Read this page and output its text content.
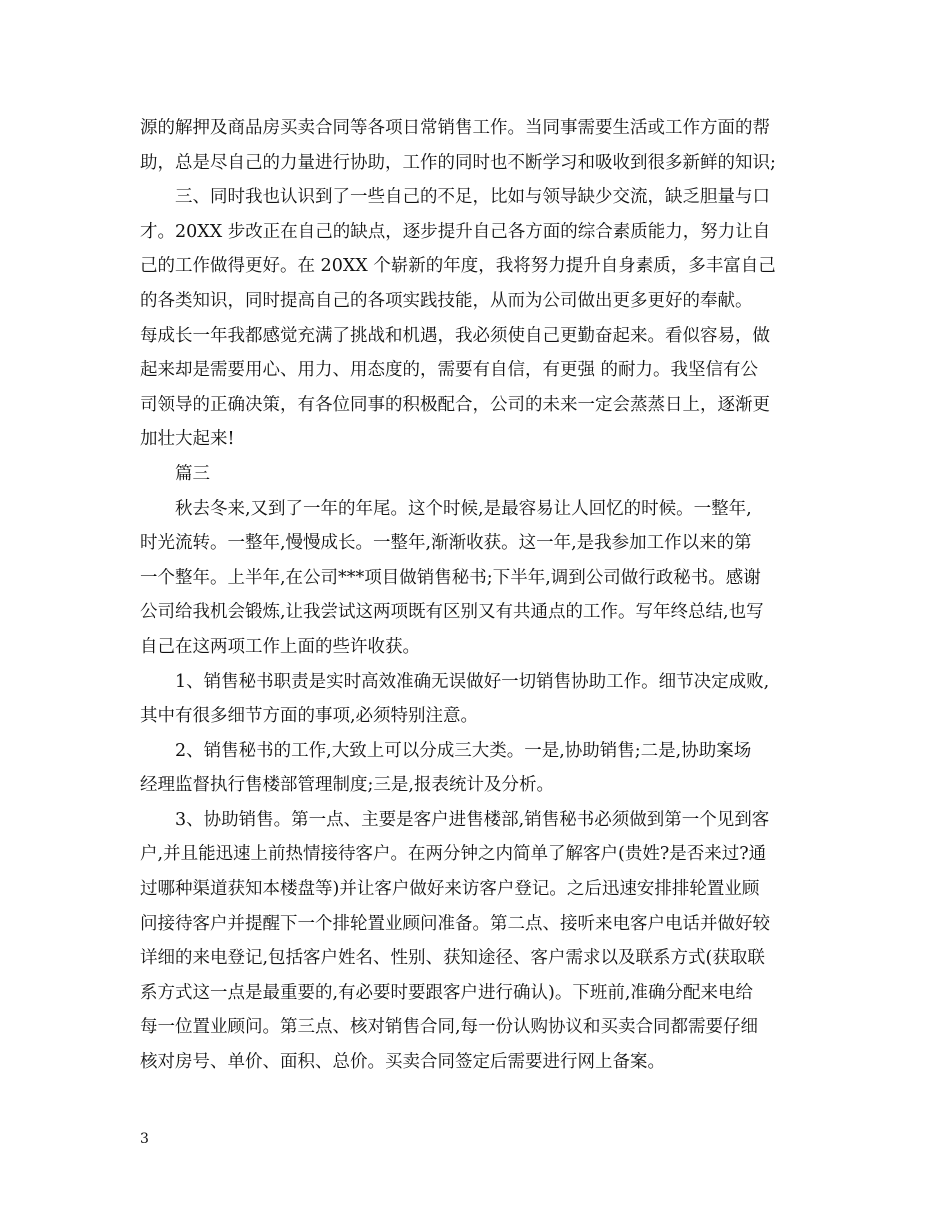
源的解押及商品房买卖合同等各项日常销售工作。当同事需要生活或工作方面的帮
助，总是尽自己的力量进行协助，工作的同时也不断学习和吸收到很多新鲜的知识;
三、同时我也认识到了一些自己的不足，比如与领导缺少交流，缺乏胆量与口
才。20XX 步改正在自己的缺点，逐步提升自己各方面的综合素质能力，努力让自
己的工作做得更好。在 20XX 个崭新的年度，我将努力提升自身素质，多丰富自己
的各类知识，同时提高自己的各项实践技能，从而为公司做出更多更好的奉献。
每成长一年我都感觉充满了挑战和机遇，我必须使自己更勤奋起来。看似容易，做
起来却是需要用心、用力、用态度的，需要有自信，有更强 的耐力。我坚信有公
司领导的正确决策，有各位同事的积极配合，公司的未来一定会蒸蒸日上，逐渐更
加壮大起来!
篇三
秋去冬来,又到了一年的年尾。这个时候,是最容易让人回忆的时候。一整年,
时光流转。一整年,慢慢成长。一整年,渐渐收获。这一年,是我参加工作以来的第
一个整年。上半年,在公司***项目做销售秘书;下半年,调到公司做行政秘书。感谢
公司给我机会锻炼,让我尝试这两项既有区别又有共通点的工作。写年终总结,也写
自己在这两项工作上面的些许收获。
1、销售秘书职责是实时高效准确无误做好一切销售协助工作。细节决定成败,
其中有很多细节方面的事项,必须特别注意。
2、销售秘书的工作,大致上可以分成三大类。一是,协助销售;二是,协助案场
经理监督执行售楼部管理制度;三是,报表统计及分析。
3、协助销售。第一点、主要是客户进售楼部,销售秘书必须做到第一个见到客
户,并且能迅速上前热情接待客户。在两分钟之内简单了解客户(贵姓?是否来过?通
过哪种渠道获知本楼盘等)并让客户做好来访客户登记。之后迅速安排排轮置业顾
问接待客户并提醒下一个排轮置业顾问准备。第二点、接听来电客户电话并做好较
详细的来电登记,包括客户姓名、性别、获知途径、客户需求以及联系方式(获取联
系方式这一点是最重要的,有必要时要跟客户进行确认)。下班前,准确分配来电给
每一位置业顾问。第三点、核对销售合同,每一份认购协议和买卖合同都需要仔细
核对房号、单价、面积、总价。买卖合同签定后需要进行网上备案。
3
